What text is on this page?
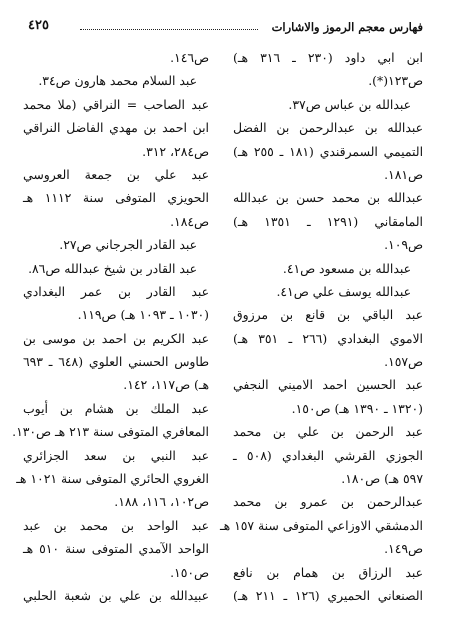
فهارس معجم الرموز والاشارات
٤٢٥
ابن ابي داود (٢٣٠ ـ ٣١٦ هـ)
ص١٢٣(*).
عبدالله بن عباس ص٣٧.
عبدالله بن عبدالرحمن بن الفضل
التميمي السمرقندي (١٨١ ـ ٢٥٥ هـ)
ص١٨١.
عبدالله بن محمد حسن بن عبدالله
المامقاني (١٢٩١ ـ ١٣٥١ هـ)
ص١٠٩.
عبدالله بن مسعود ص٤١.
عبدالله يوسف علي ص٤١.
عبد الباقي بن قانع بن مرزوق
الاموي البغدادي (٢٦٦ ـ ٣٥١ هـ)
ص١٥٧.
عبد الحسين احمد الاميني النجفي
(١٣٢٠ ـ ١٣٩٠ هـ) ص١٥٠.
عبد الرحمن بن علي بن محمد
الجوزي القرشي البغدادي (٥٠٨ ـ
٥٩٧ هـ) ص١٨٠.
عبدالرحمن بن عمرو بن محمد
الدمشقي الاوزاعي المتوفى سنة ١٥٧ هـ
ص١٤٩.
عبد الرزاق بن همام بن نافع
الصنعاني الحميري (١٢٦ ـ ٢١١ هـ)
ص١٤٦.
عبد السلام محمد هارون ص٣٤.
عبد الصاحب = النراقي (ملا محمد
ابن احمد بن مهدي الفاضل النراقي
ص٢٨٤، ٣١٢.
عبد علي بن جمعة العروسي
الحويزي المتوفى سنة ١١١٢ هـ
ص١٨٤.
عبد القادر الجرجاني ص٢٧.
عبد القادر بن شيخ عبدالله ص٨٦.
عبد القادر بن عمر البغدادي
(١٠٣٠ ـ ١٠٩٣ هـ) ص١١٩.
عبد الكريم بن احمد بن موسى بن
طاوس الحسني العلوي (٦٤٨ ـ ٦٩٣
هـ) ص١١٧، ١٤٢.
عبد الملك بن هشام بن أيوب
المعافري المتوفى سنة ٢١٣ هـ ص١٣٠.
عبد النبي بن سعد الجزائري
الغروي الحائري المتوفى سنة ١٠٢١ هـ
ص١٠٢، ١١٦، ١٨٨.
عبد الواحد بن محمد بن عبد
الواحد الآمدي المتوفى سنة ٥١٠ هـ
ص١٥٠.
عبيدالله بن علي بن شعبة الحلبي
